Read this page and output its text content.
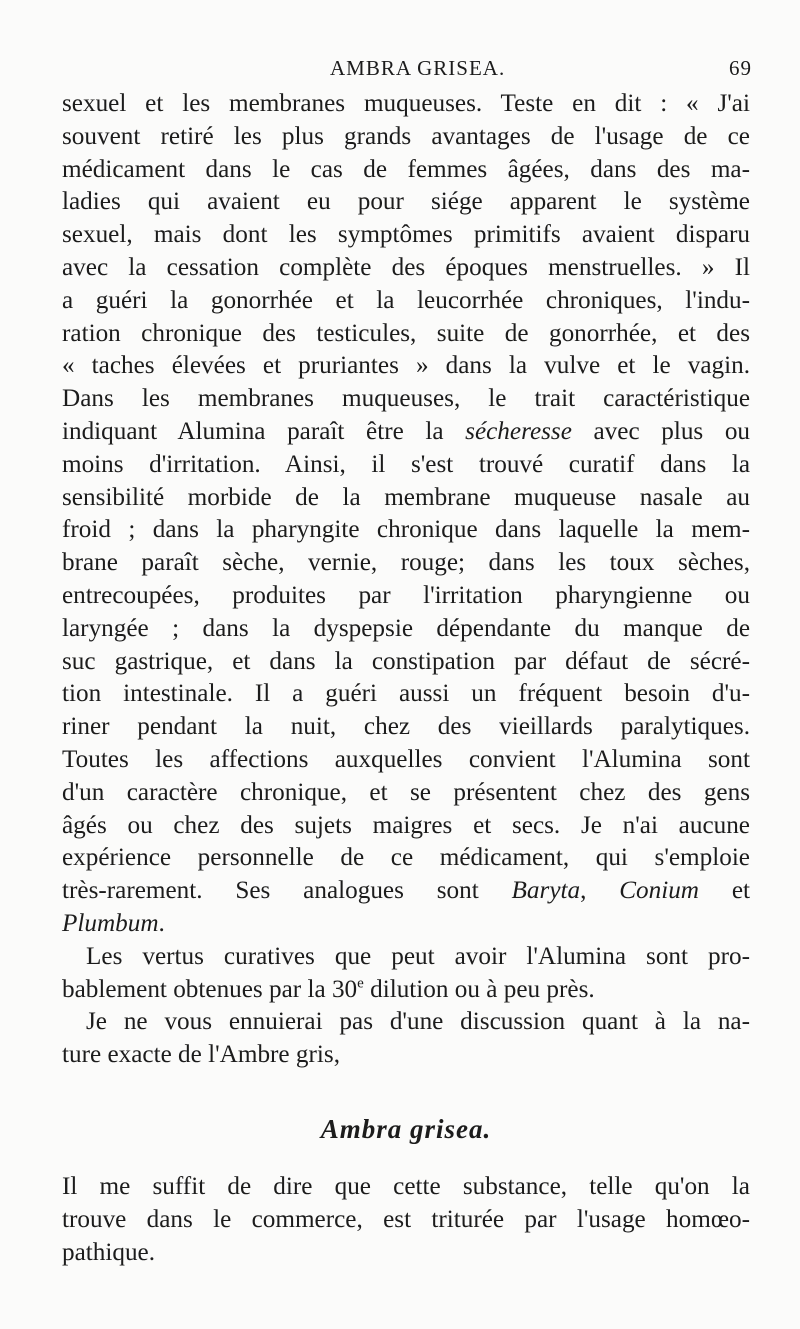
AMBRA GRISEA.	69

sexuel et les membranes muqueuses. Teste en dit : « J'ai
souvent retiré les plus grands avantages de l'usage de ce
médicament dans le cas de femmes âgées, dans des ma-
ladies qui avaient eu pour siége apparent le système
sexuel, mais dont les symptômes primitifs avaient disparu
avec la cessation complète des époques menstruelles. » Il
a guéri la gonorrhée et la leucorrhée chroniques, l'indu-
ration chronique des testicules, suite de gonorrhée, et des
« taches élevées et pruriantes » dans la vulve et le vagin.
Dans les membranes muqueuses, le trait caractéristique
indiquant Alumina paraît être la sécheresse avec plus ou
moins d'irritation. Ainsi, il s'est trouvé curatif dans la
sensibilité morbide de la membrane muqueuse nasale au
froid ; dans la pharyngite chronique dans laquelle la mem-
brane paraît sèche, vernie, rouge; dans les toux sèches,
entrecoupées, produites par l'irritation pharyngienne ou
laryngée ; dans la dyspepsie dépendante du manque de
suc gastrique, et dans la constipation par défaut de sécré-
tion intestinale. Il a guéri aussi un fréquent besoin d'u-
riner pendant la nuit, chez des vieillards paralytiques.
Toutes les affections auxquelles convient l'Alumina sont
d'un caractère chronique, et se présentent chez des gens
âgés ou chez des sujets maigres et secs. Je n'ai aucune
expérience personnelle de ce médicament, qui s'emploie
très-rarement. Ses analogues sont Baryta, Conium et
Plumbum.

Les vertus curatives que peut avoir l'Alumina sont pro-
bablement obtenues par la 30e dilution ou à peu près.

Je ne vous ennuierai pas d'une discussion quant à la na-
ture exacte de l'Ambre gris,

Ambra grisea.
Il me suffit de dire que cette substance, telle qu'on la
trouve dans le commerce, est triturée par l'usage homœo-
pathique.
